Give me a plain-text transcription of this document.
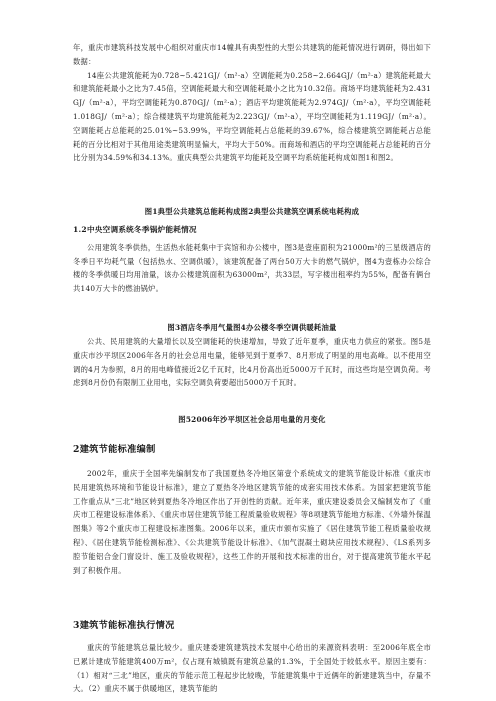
年，重庆市建筑科技发展中心组织对重庆市14幢具有典型性的大型公共建筑的能耗情况进行调研，得出如下数据：

14座公共建筑能耗为0.728~5.421GJ/（m²·a）空调能耗为0.258~2.664GJ/（m²·a）建筑能耗最大和建筑能耗最小之比为7.45倍，空调能耗最大和空调能耗最小之比为10.32倍。商场平均建筑能耗为2.431GJ/（m²·a），平均空调能耗为0.870GJ/（m²·a）；酒店平均建筑能耗为2.974GJ/（m²·a），平均空调能耗1.018GJ/（m²·a）；综合楼建筑平均建筑能耗为2.223GJ/（m²·a），平均空调能耗为1.119GJ/（m²·a）。空调能耗占总能耗的25.01%~53.99%，平均空调能耗占总能耗的39.67%，综合楼建筑空调能耗占总能耗的百分比相对于其他用途类建筑明显偏大，平均大于50%。而商场和酒店的平均空调能耗占总能耗的百分比分别为34.59%和34.13%。重庆典型公共建筑平均能耗及空调平均系统能耗构成如图1和图2。

图1典型公共建筑总能耗构成图2典型公共建筑空调系统电耗构成

1.2中央空调系统冬季锅炉能耗情况

公用建筑冬季供热，生活热水能耗集中于宾馆和办公楼中，图3是壹座面积为21000m²的三星级酒店的冬季日平均耗气量（包括热水、空调供暖），该建筑配备了两台50万大卡的燃气锅炉，图4为壹栋办公综合楼的冬季供暖日均用油量，该办公楼建筑面积为63000m²，共33层，写字楼出租率约为55%，配备有俩台共140万大卡的燃油锅炉。

图3酒店冬季用气量图4办公楼冬季空调供暖耗油量

公共、民用建筑的大量增长以及空调能耗的快速增加，导致了近年夏季，重庆电力供应的紧张。图5是重庆市沙平坝区2006年各月的社会总用电量，能够见到于夏季7、8月形成了明显的用电高峰。以不使用空调的4月为参照，8月的用电峰值接近2亿千瓦时，比4月份高出近5000万千瓦时，而这些均是空调负荷。考虑到8月份仍有限制工业用电，实际空调负荷要超出5000万千瓦时。

图52006年沙平坝区社会总用电量的月变化

2建筑节能标准编制

2002年，重庆于全国率先编制发布了我国夏热冬冷地区第壹个系统成文的建筑节能设计标准《重庆市民用建筑热环境和节能设计标准》，建立了夏热冬冷地区建筑节能的成套实用技术体系。为国家把建筑节能工作重点从“三北”地区转到夏热冬冷地区作出了开创性的贡献。近年来，重庆建设委员会又编制发布了《重庆市工程建设标准体系》、《重庆市居住建筑节能工程质量验收规程》等8项建筑节能地方标准、《外墙外保温图集》等2个重庆市工程建设标准图集。2006年以来，重庆市颁布实施了《居住建筑节能工程质量验收规程》、《居住建筑节能检测标准》、《公共建筑节能设计标准》、《加气混凝土砌块应用技术规程》、《LS系列多腔节能铝合金门窗设计、施工及验收规程》，这些工作的开展和技术标准的出台，对于提高建筑节能水平起到了积极作用。

3建筑节能标准执行情况

重庆的节能建筑总量比较少。重庆建委建筑建筑技术发展中心给出的来源资料表明：至2006年底全市已累计建成节能建筑400万m²，仅占现有城镇既有建筑总量的1.3%，于全国处于较低水平。原因主要有：（1）相对“三北”地区，重庆的节能示范工程起步比较晚，节能建筑集中于近俩年的新建建筑当中，存量不大。（2）重庆不属于供暖地区，建筑节能的
